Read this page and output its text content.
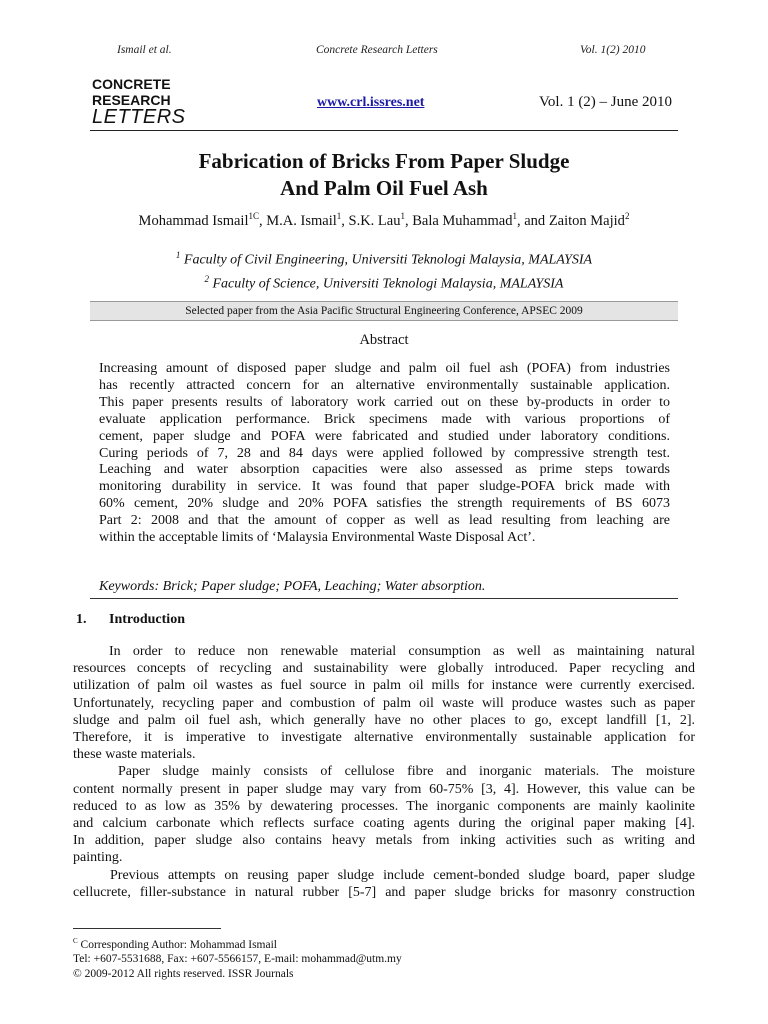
Ismail et al.	Concrete Research Letters	Vol. 1(2) 2010
CONCRETE
RESEARCH
LETTERS
www.crl.issres.net	Vol. 1 (2) – June 2010
Fabrication of Bricks From Paper Sludge
And Palm Oil Fuel Ash
Mohammad Ismail$^{1C}$, M.A. Ismail$^1$, S.K. Lau$^1$, Bala Muhammad$^1$, and Zaiton Majid$^2$
$^1$ Faculty of Civil Engineering, Universiti Teknologi Malaysia, MALAYSIA
$^2$ Faculty of Science, Universiti Teknologi Malaysia, MALAYSIA
Selected paper from the Asia Pacific Structural Engineering Conference, APSEC 2009
Abstract
Increasing amount of disposed paper sludge and palm oil fuel ash (POFA) from industries
has recently attracted concern for an alternative environmentally sustainable application.
This paper presents results of laboratory work carried out on these by-products in order to
evaluate application performance. Brick specimens made with various proportions of
cement, paper sludge and POFA were fabricated and studied under laboratory conditions.
Curing periods of 7, 28 and 84 days were applied followed by compressive strength test.
Leaching and water absorption capacities were also assessed as prime steps towards
monitoring durability in service. It was found that paper sludge-POFA brick made with
60% cement, 20% sludge and 20% POFA satisfies the strength requirements of BS 6073
Part 2: 2008 and that the amount of copper as well as lead resulting from leaching are
within the acceptable limits of ‘Malaysia Environmental Waste Disposal Act’.
Keywords: Brick; Paper sludge; POFA, Leaching; Water absorption.
1. Introduction
In order to reduce non renewable material consumption as well as maintaining natural
resources concepts of recycling and sustainability were globally introduced. Paper recycling and
utilization of palm oil wastes as fuel source in palm oil mills for instance were currently exercised.
Unfortunately, recycling paper and combustion of palm oil waste will produce wastes such as paper
sludge and palm oil fuel ash, which generally have no other places to go, except landfill [1, 2].
Therefore, it is imperative to investigate alternative environmentally sustainable application for
these waste materials.
Paper sludge mainly consists of cellulose fibre and inorganic materials. The moisture
content normally present in paper sludge may vary from 60-75% [3, 4]. However, this value can be
reduced to as low as 35% by dewatering processes. The inorganic components are mainly kaolinite
and calcium carbonate which reflects surface coating agents during the original paper making [4].
In addition, paper sludge also contains heavy metals from inking activities such as writing and
painting.
Previous attempts on reusing paper sludge include cement-bonded sludge board, paper sludge
cellucrete, filler-substance in natural rubber [5-7] and paper sludge bricks for masonry construction
$^C$ Corresponding Author: Mohammad Ismail
Tel: +607-5531688, Fax: +607-5566157, E-mail: mohammad@utm.my
© 2009-2012 All rights reserved. ISSR Journals
